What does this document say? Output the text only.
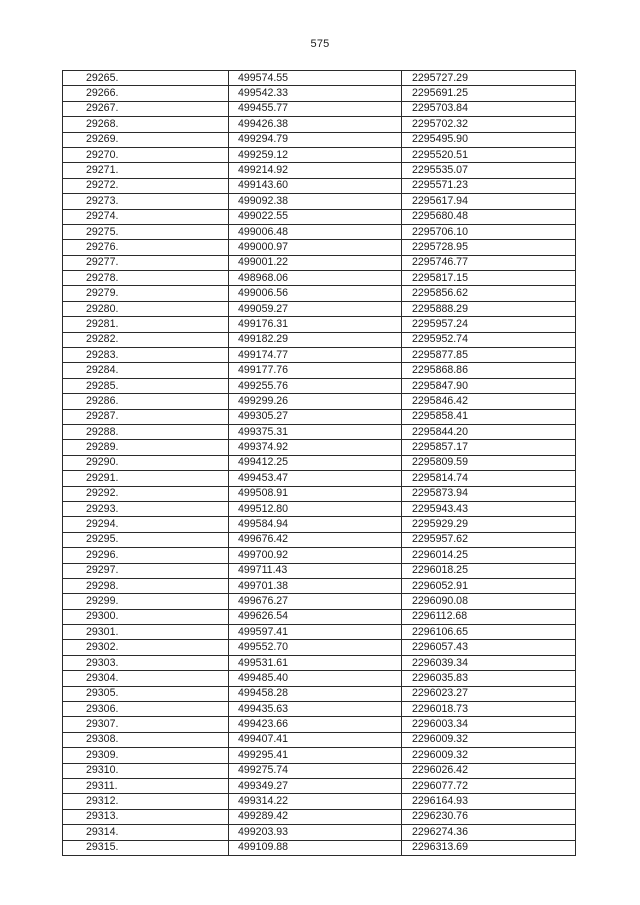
575
29265.	499574.55	2295727.29
29266.	499542.33	2295691.25
29267.	499455.77	2295703.84
29268.	499426.38	2295702.32
29269.	499294.79	2295495.90
29270.	499259.12	2295520.51
29271.	499214.92	2295535.07
29272.	499143.60	2295571.23
29273.	499092.38	2295617.94
29274.	499022.55	2295680.48
29275.	499006.48	2295706.10
29276.	499000.97	2295728.95
29277.	499001.22	2295746.77
29278.	498968.06	2295817.15
29279.	499006.56	2295856.62
29280.	499059.27	2295888.29
29281.	499176.31	2295957.24
29282.	499182.29	2295952.74
29283.	499174.77	2295877.85
29284.	499177.76	2295868.86
29285.	499255.76	2295847.90
29286.	499299.26	2295846.42
29287.	499305.27	2295858.41
29288.	499375.31	2295844.20
29289.	499374.92	2295857.17
29290.	499412.25	2295809.59
29291.	499453.47	2295814.74
29292.	499508.91	2295873.94
29293.	499512.80	2295943.43
29294.	499584.94	2295929.29
29295.	499676.42	2295957.62
29296.	499700.92	2296014.25
29297.	499711.43	2296018.25
29298.	499701.38	2296052.91
29299.	499676.27	2296090.08
29300.	499626.54	2296112.68
29301.	499597.41	2296106.65
29302.	499552.70	2296057.43
29303.	499531.61	2296039.34
29304.	499485.40	2296035.83
29305.	499458.28	2296023.27
29306.	499435.63	2296018.73
29307.	499423.66	2296003.34
29308.	499407.41	2296009.32
29309.	499295.41	2296009.32
29310.	499275.74	2296026.42
29311.	499349.27	2296077.72
29312.	499314.22	2296164.93
29313.	499289.42	2296230.76
29314.	499203.93	2296274.36
29315.	499109.88	2296313.69
